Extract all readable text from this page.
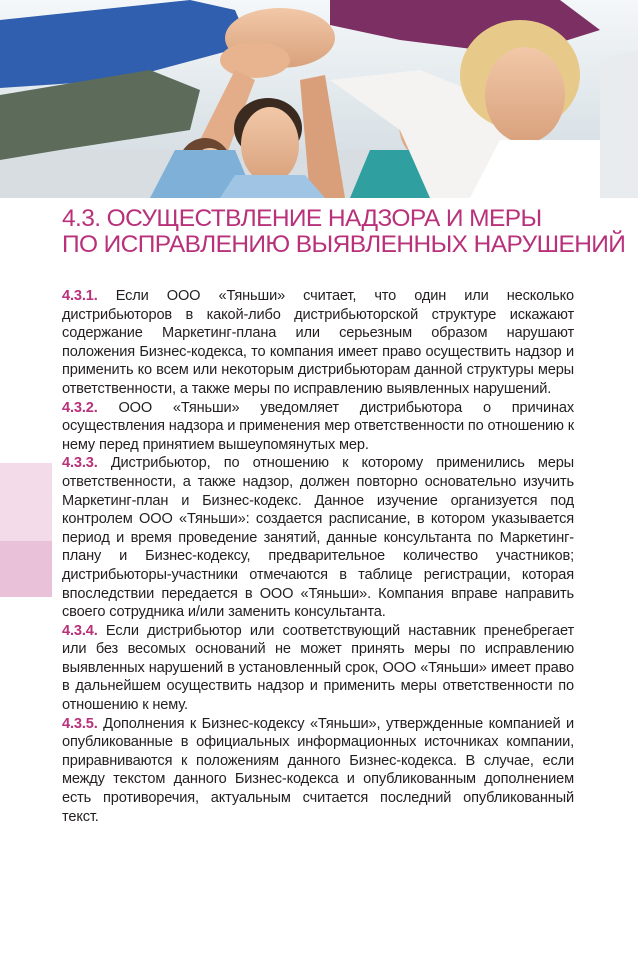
4.3. ОСУЩЕСТВЛЕНИЕ НАДЗОРА И МЕРЫ
ПО ИСПРАВЛЕНИЮ ВЫЯВЛЕННЫХ НАРУШЕНИЙ

4.3.1. Если ООО «Тяньши» считает, что один или несколько дистрибьюторов в какой-либо дистрибьюторской структуре искажают содержание Маркетинг-плана или серьезным образом нарушают положения Бизнес-кодекса, то компания имеет право осуществить надзор и применить ко всем или некоторым дистрибьюторам данной структуры меры ответственности, а также меры по исправлению выявленных нарушений.

4.3.2. ООО «Тяньши» уведомляет дистрибьютора о причинах осуществления надзора и применения мер ответственности по отношению к нему перед принятием вышеупомянутых мер.

4.3.3. Дистрибьютор, по отношению к которому применились меры ответственности, а также надзор, должен повторно основательно изучить Маркетинг-план и Бизнес-кодекс. Данное изучение организуется под контролем ООО «Тяньши»: создается расписание, в котором указывается период и время проведение занятий, данные консультанта по Маркетинг-плану и Бизнес-кодексу, предварительное количество участников; дистрибьюторы-участники отмечаются в таблице регистрации, которая впоследствии передается в ООО «Тяньши». Компания вправе направить своего сотрудника и/или заменить консультанта.

4.3.4. Если дистрибьютор или соответствующий наставник пренебрегает или без весомых оснований не может принять меры по исправлению выявленных нарушений в установленный срок, ООО «Тяньши» имеет право в дальнейшем осуществить надзор и применить меры ответственности по отношению к нему.

4.3.5. Дополнения к Бизнес-кодексу «Тяньши», утвержденные компанией и опубликованные в официальных информационных источниках компании, приравниваются к положениям данного Бизнес-кодекса. В случае, если между текстом данного Бизнес-кодекса и опубликованным дополнением есть противоречия, актуальным считается последний опубликованный текст.
